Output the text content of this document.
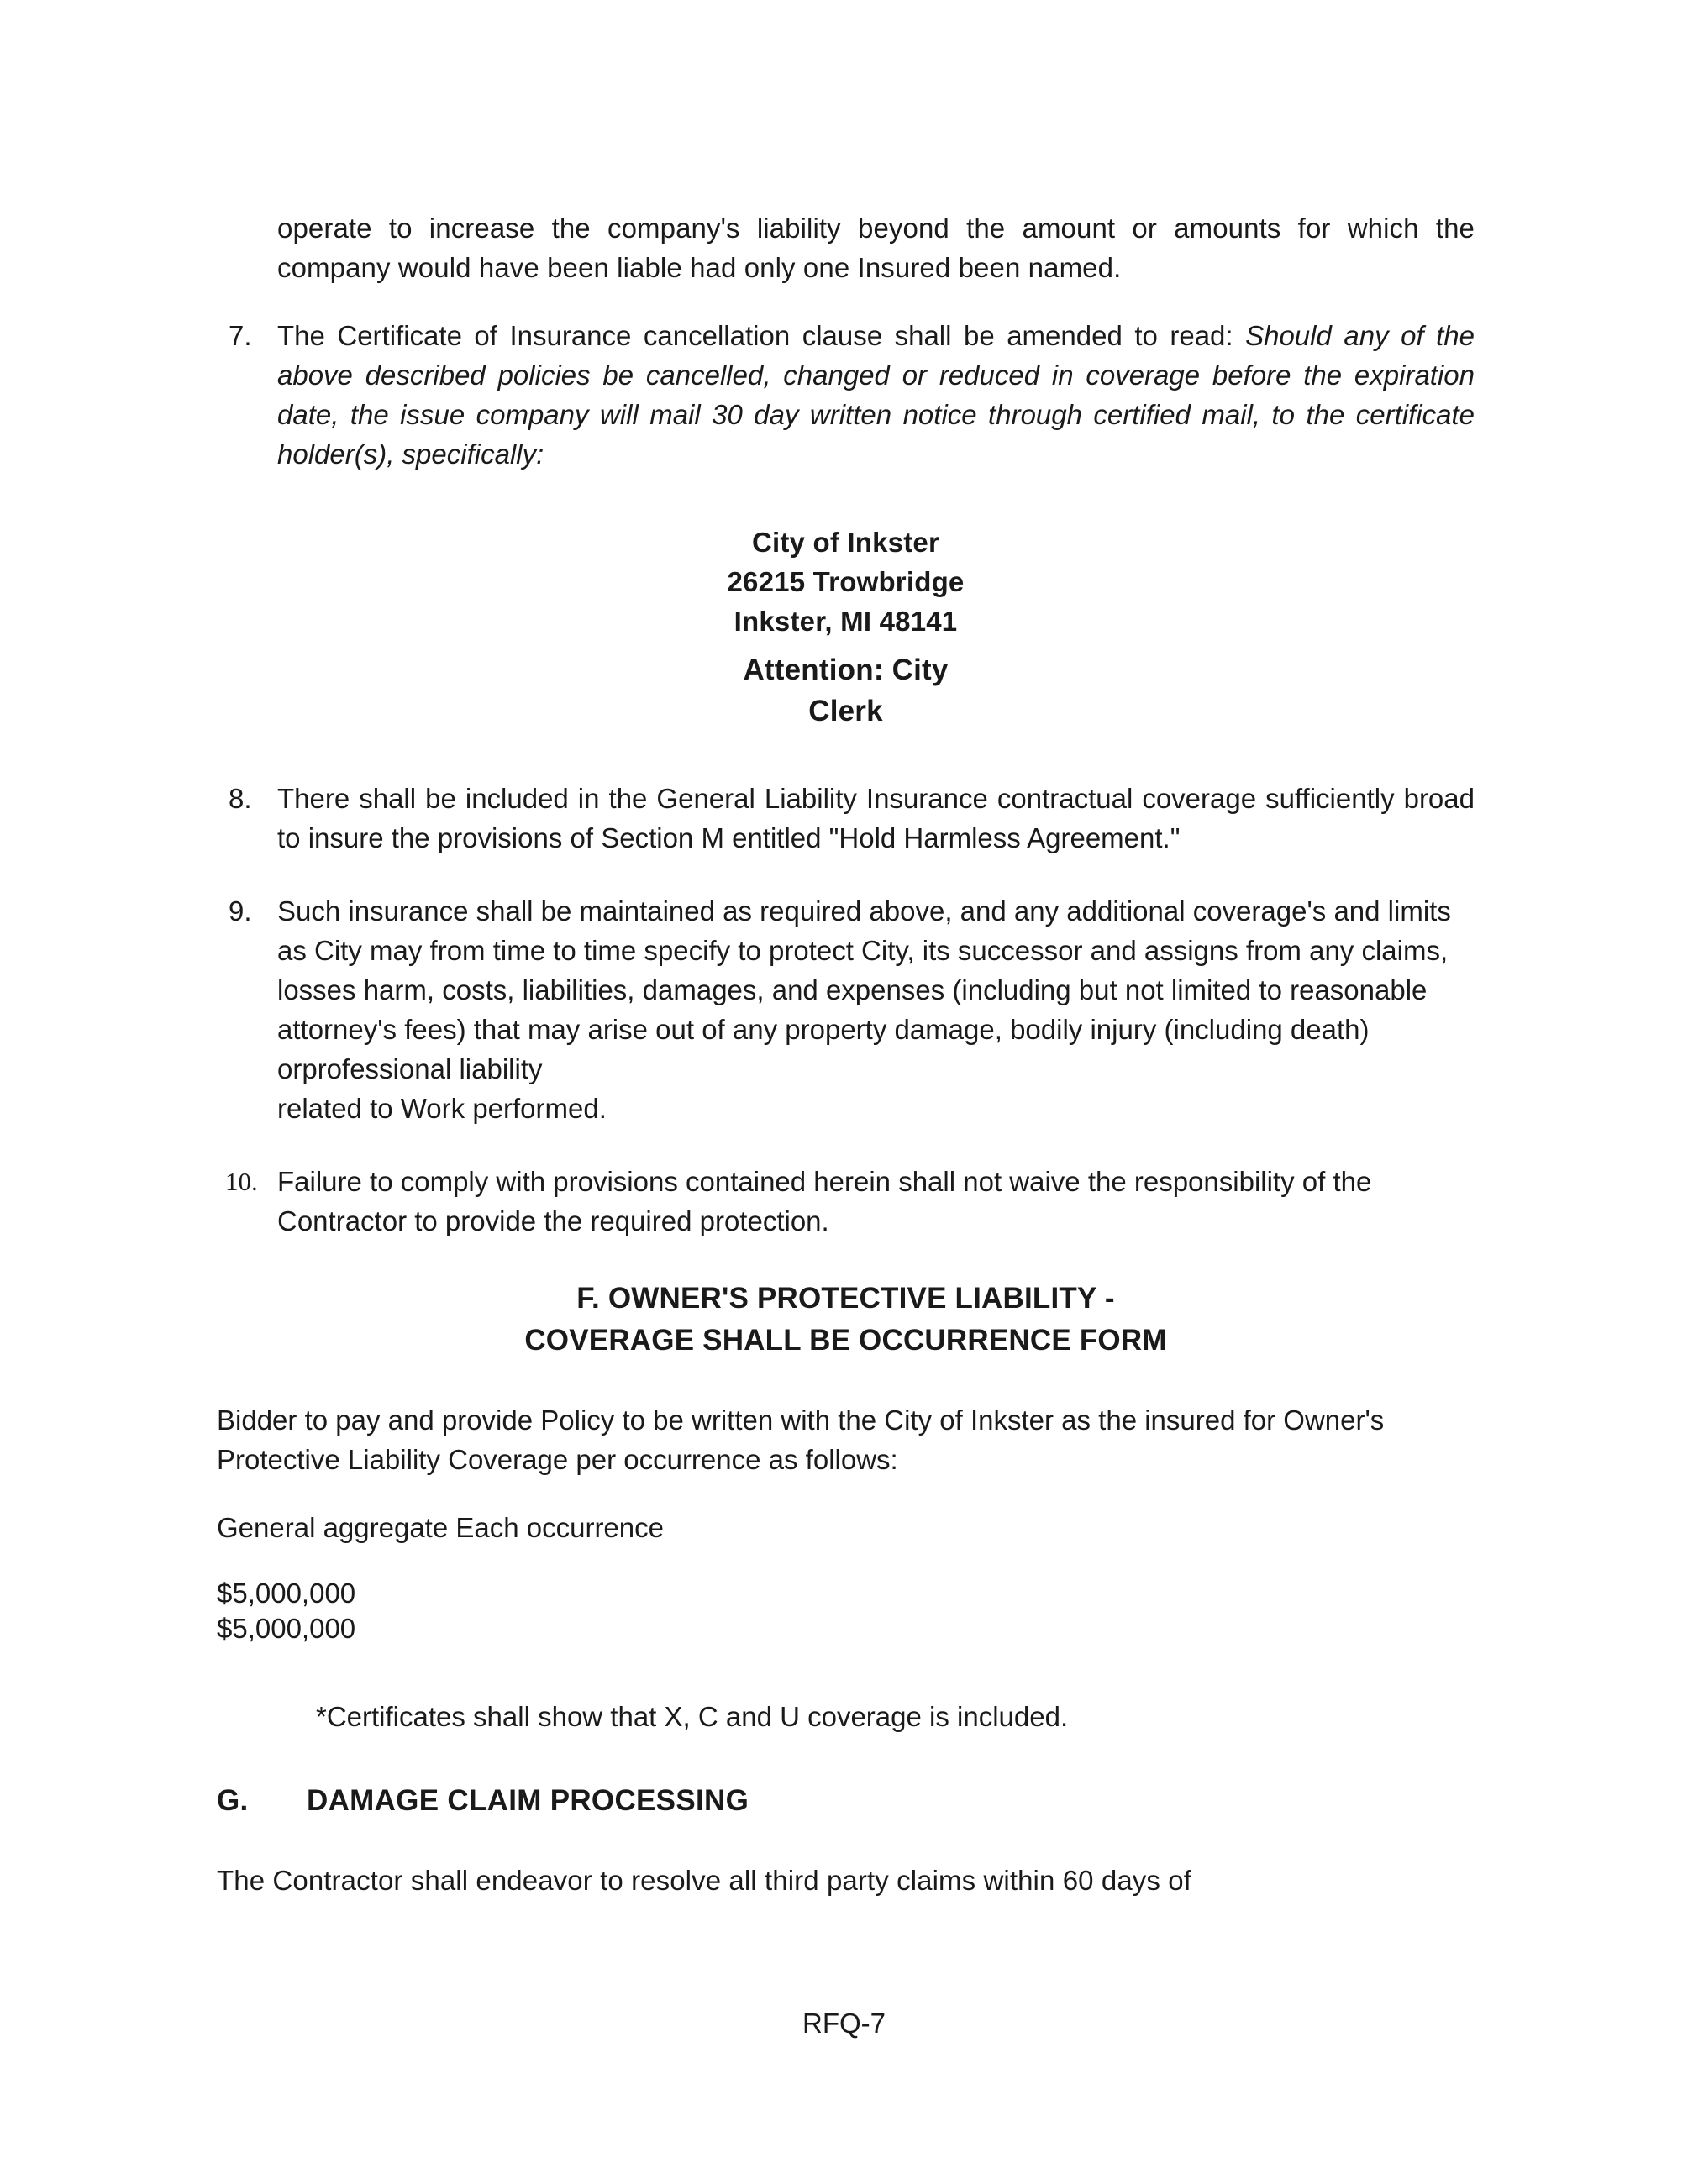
operate to increase the company's liability beyond the amount or amounts for which the company would have been liable had only one Insured been named.

7. The Certificate of Insurance cancellation clause shall be amended to read: Should any of the above described policies be cancelled, changed or reduced in coverage before the expiration date, the issue company will mail 30 day written notice through certified mail, to the certificate holder(s), specifically:
City of Inkster
26215 Trowbridge
Inkster, MI 48141
Attention: City
Clerk
8. There shall be included in the General Liability Insurance contractual coverage sufficiently broad to insure the provisions of Section M entitled "Hold Harmless Agreement."
9. Such insurance shall be maintained as required above, and any additional coverage's and limits as City may from time to time specify to protect City, its successor and assigns from any claims, losses harm, costs, liabilities, damages, and expenses (including but not limited to reasonable attorney's fees) that may arise out of any property damage, bodily injury (including death) orprofessional liability
related to Work performed.
10. Failure to comply with provisions contained herein shall not waive the responsibility of the Contractor to provide the required protection.
F. OWNER'S PROTECTIVE LIABILITY -
COVERAGE SHALL BE OCCURRENCE FORM

Bidder to pay and provide Policy to be written with the City of Inkster as the insured for Owner's Protective Liability Coverage per occurrence as follows:

General aggregate Each occurrence

$5,000,000
$5,000,000

*Certificates shall show that X, C and U coverage is included.

G.	DAMAGE CLAIM PROCESSING

The Contractor shall endeavor to resolve all third party claims within 60 days of

RFQ-7
